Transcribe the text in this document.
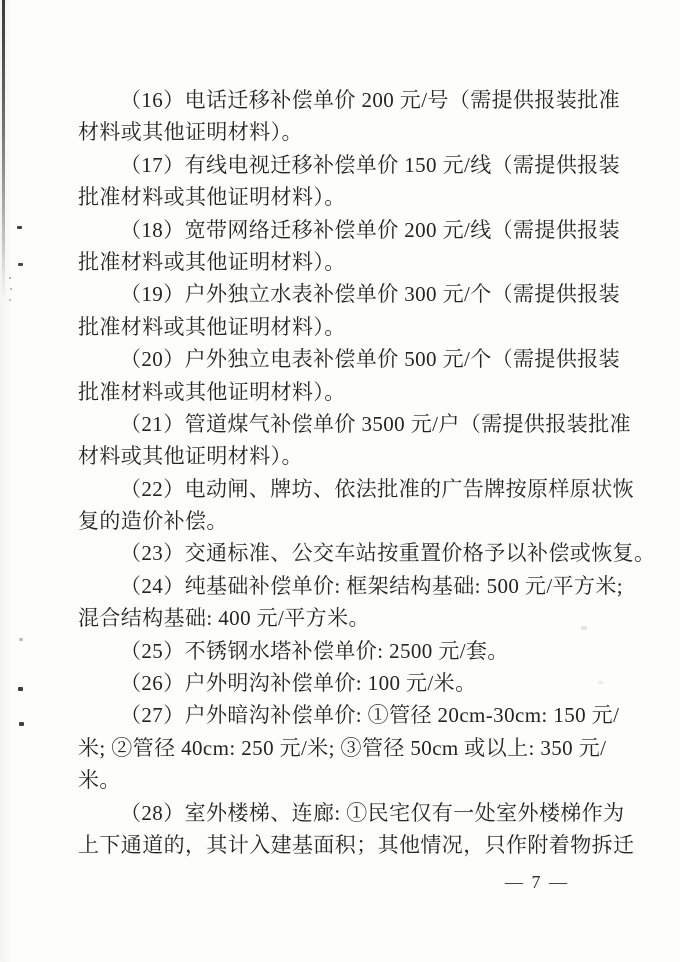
（16）电话迁移补偿单价 200 元/号（需提供报装批准
材料或其他证明材料）。
（17）有线电视迁移补偿单价 150 元/线（需提供报装
批准材料或其他证明材料）。
（18）宽带网络迁移补偿单价 200 元/线（需提供报装
批准材料或其他证明材料）。
（19）户外独立水表补偿单价 300 元/个（需提供报装
批准材料或其他证明材料）。
（20）户外独立电表补偿单价 500 元/个（需提供报装
批准材料或其他证明材料）。
（21）管道煤气补偿单价 3500 元/户（需提供报装批准
材料或其他证明材料）。
（22）电动闸、牌坊、依法批准的广告牌按原样原状恢
复的造价补偿。
（23）交通标准、公交车站按重置价格予以补偿或恢复。
（24）纯基础补偿单价: 框架结构基础: 500 元/平方米;
混合结构基础: 400 元/平方米。
（25）不锈钢水塔补偿单价: 2500 元/套。
（26）户外明沟补偿单价: 100 元/米。
（27）户外暗沟补偿单价: ①管径 20cm-30cm: 150 元/
米; ②管径 40cm: 250 元/米; ③管径 50cm 或以上: 350 元/
米。
（28）室外楼梯、连廊: ①民宅仅有一处室外楼梯作为
上下通道的，其计入建基面积；其他情况，只作附着物拆迁
— 7 —
